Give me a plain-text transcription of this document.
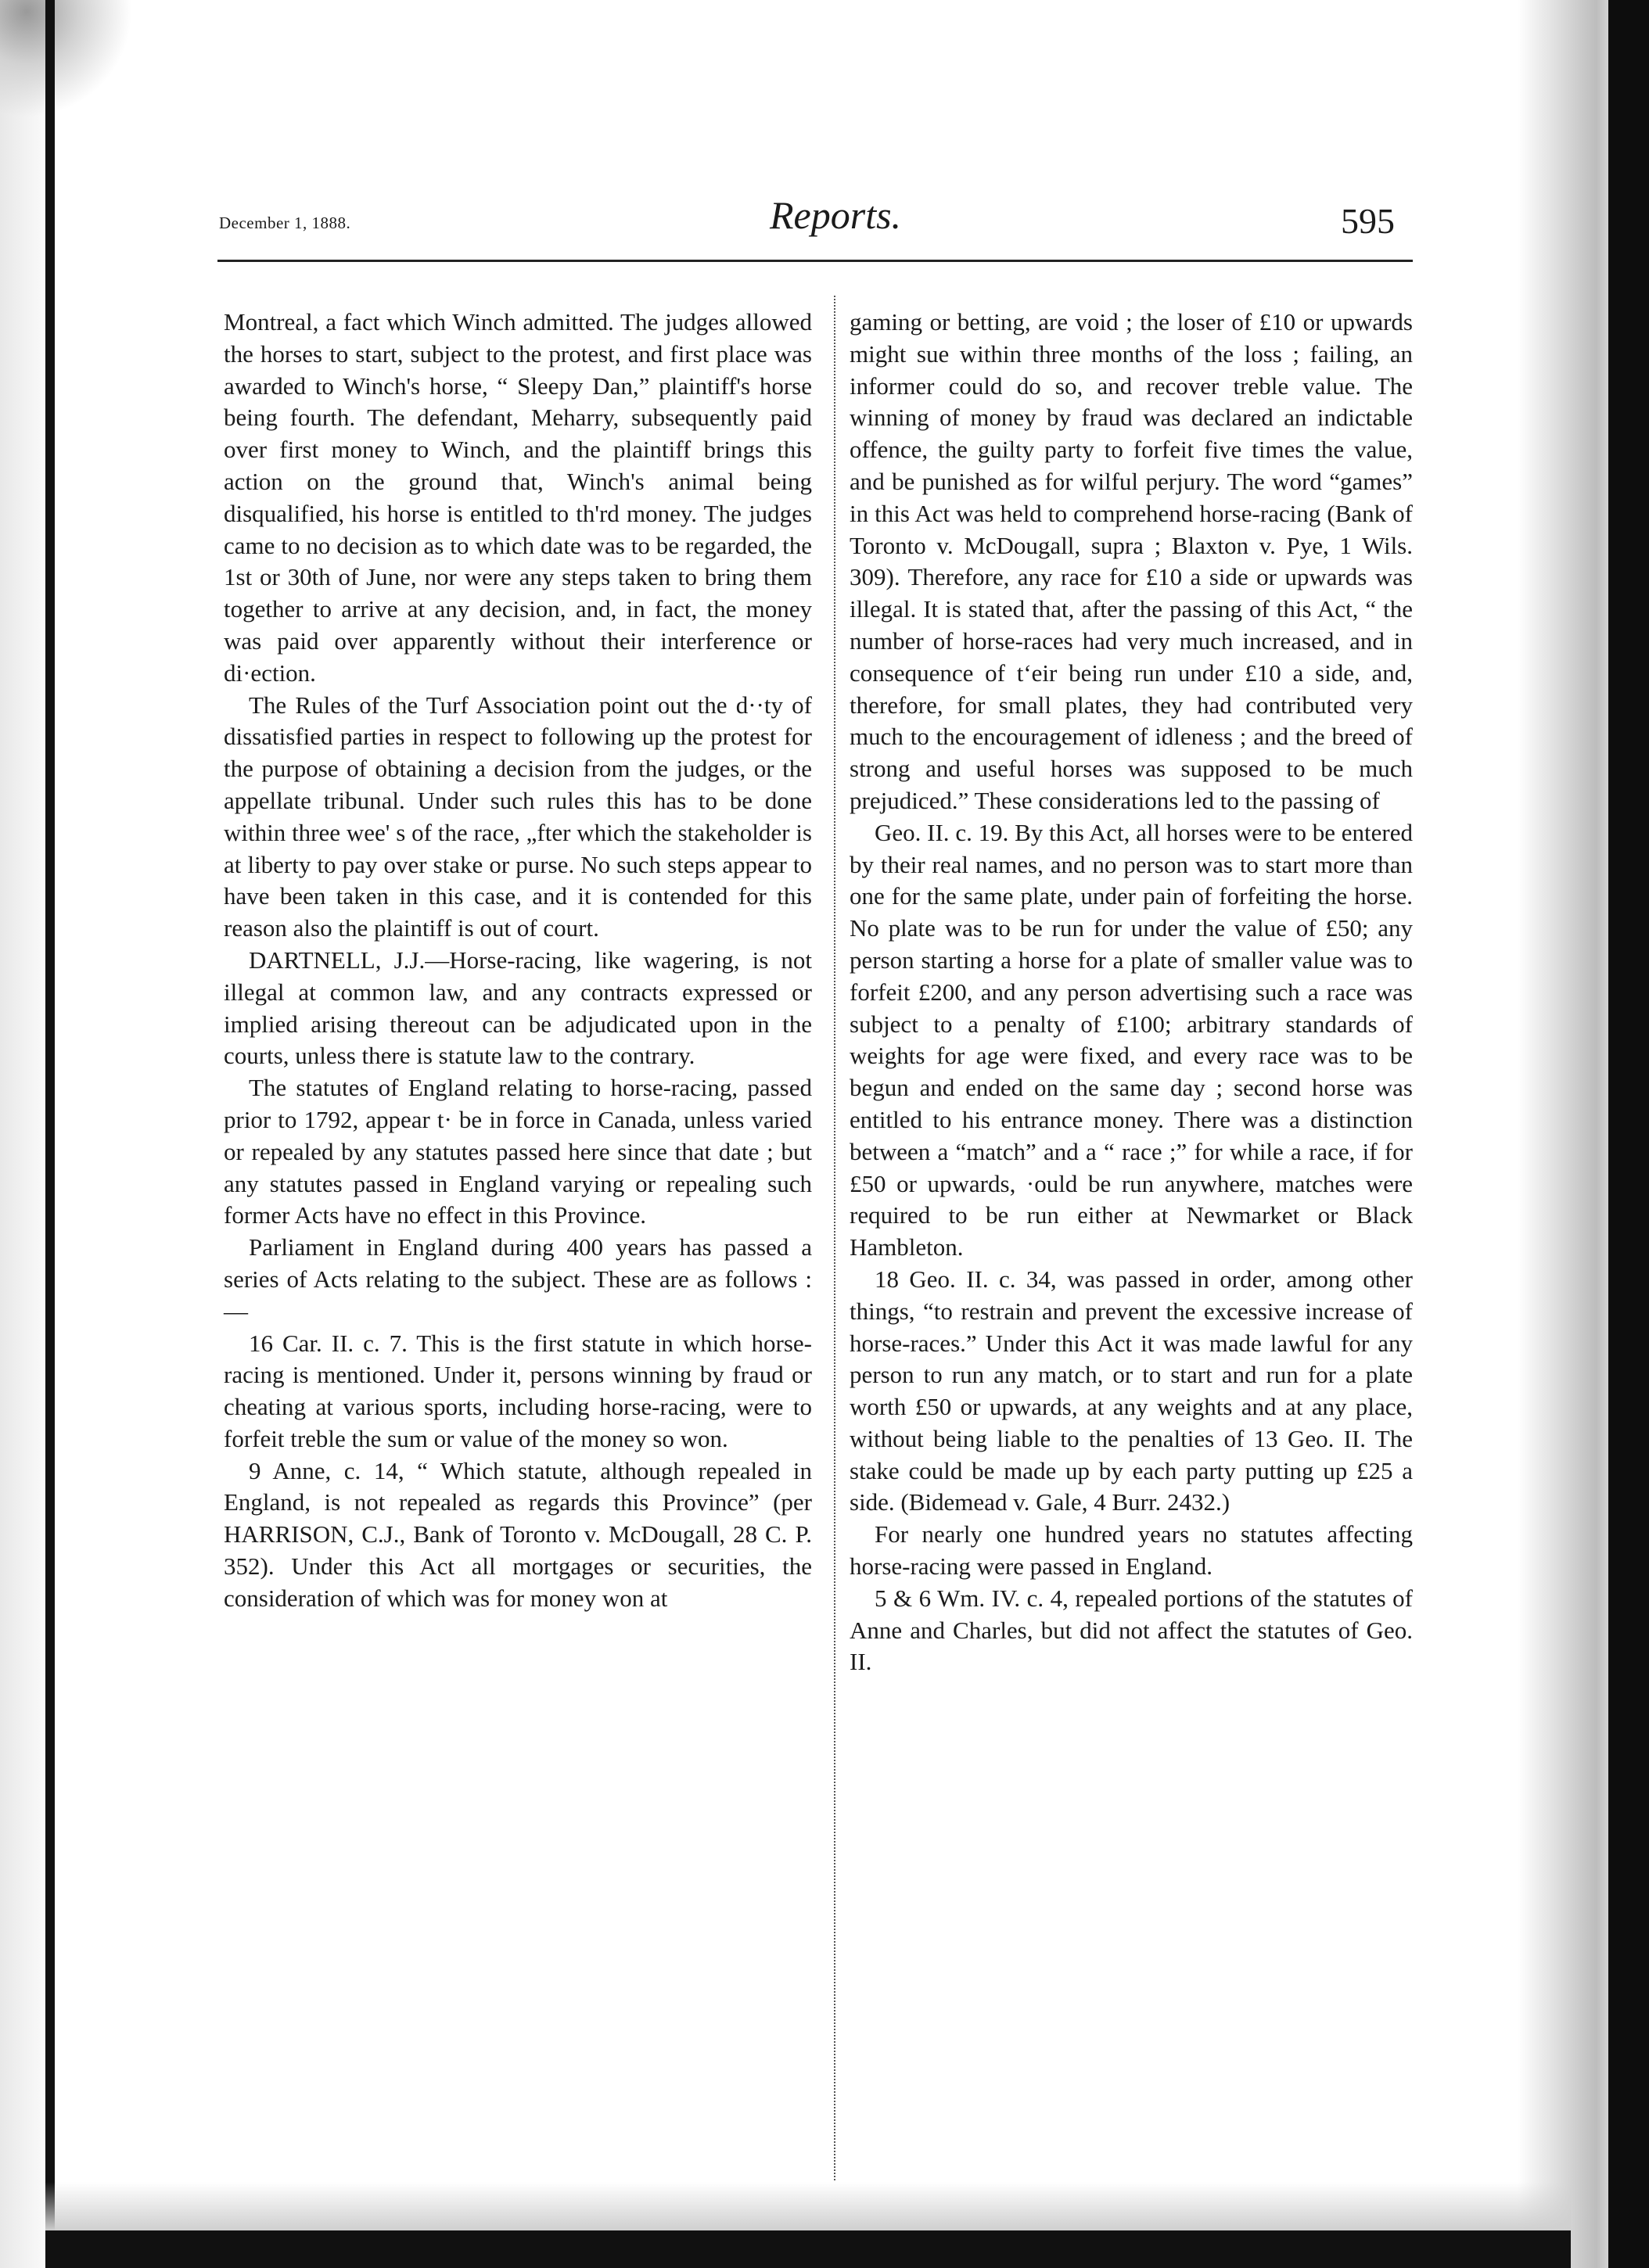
December 1, 1888.	Reports.	595

Montreal, a fact which Winch admitted. The judges allowed the horses to start, subject to the protest, and first place was awarded to Winch's horse, “ Sleepy Dan,” plaintiff's horse being fourth. The defendant, Meharry, subsequently paid over first money to Winch, and the plaintiff brings this action on the ground that, Winch's animal being disqualified, his horse is entitled to th'rd money. The judges came to no decision as to which date was to be regarded, the 1st or 30th of June, nor were any steps taken to bring them together to arrive at any decision, and, in fact, the money was paid over apparently without their interference or di·ection.

The Rules of the Turf Association point out the d··ty of dissatisfied parties in respect to following up the protest for the purpose of obtaining a decision from the judges, or the appellate tribunal. Under such rules this has to be done within three wee' s of the race, „fter which the stakeholder is at liberty to pay over stake or purse. No such steps appear to have been taken in this case, and it is contended for this reason also the plaintiff is out of court.

DARTNELL, J.J.—Horse-racing, like wagering, is not illegal at common law, and any contracts expressed or implied arising thereout can be adjudicated upon in the courts, unless there is statute law to the contrary.

The statutes of England relating to horse-racing, passed prior to 1792, appear t· be in force in Canada, unless varied or repealed by any statutes passed here since that date ; but any statutes passed in England varying or repealing such former Acts have no effect in this Province.

Parliament in England during 400 years has passed a series of Acts relating to the subject. These are as follows :—

16 Car. II. c. 7. This is the first statute in which horse-racing is mentioned. Under it, persons winning by fraud or cheating at various sports, including horse-racing, were to forfeit treble the sum or value of the money so won.

9 Anne, c. 14, “ Which statute, although repealed in England, is not repealed as regards this Province” (per HARRISON, C.J., Bank of Toronto v. McDougall, 28 C. P. 352). Under this Act all mortgages or securities, the consideration of which was for money won at

gaming or betting, are void ; the loser of £10 or upwards might sue within three months of the loss ; failing, an informer could do so, and recover treble value. The winning of money by fraud was declared an indictable offence, the guilty party to forfeit five times the value, and be punished as for wilful perjury. The word “games” in this Act was held to comprehend horse-racing (Bank of Toronto v. McDougall, supra ; Blaxton v. Pye, 1 Wils. 309). Therefore, any race for £10 a side or upwards was illegal. It is stated that, after the passing of this Act, “ the number of horse-races had very much increased, and in consequence of tʻeir being run under £10 a side, and, therefore, for small plates, they had contributed very much to the encouragement of idleness ; and the breed of strong and useful horses was supposed to be much prejudiced.” These considerations led to the passing of

Geo. II. c. 19. By this Act, all horses were to be entered by their real names, and no person was to start more than one for the same plate, under pain of forfeiting the horse. No plate was to be run for under the value of £50; any person starting a horse for a plate of smaller value was to forfeit £200, and any person advertising such a race was subject to a penalty of £100; arbitrary standards of weights for age were fixed, and every race was to be begun and ended on the same day ; second horse was entitled to his entrance money. There was a distinction between a “match” and a “ race ;” for while a race, if for £50 or upwards, ·ould be run anywhere, matches were required to be run either at Newmarket or Black Hambleton.

18 Geo. II. c. 34, was passed in order, among other things, “to restrain and prevent the excessive increase of horse-races.” Under this Act it was made lawful for any person to run any match, or to start and run for a plate worth £50 or upwards, at any weights and at any place, without being liable to the penalties of 13 Geo. II. The stake could be made up by each party putting up £25 a side. (Bidemead v. Gale, 4 Burr. 2432.)

For nearly one hundred years no statutes affecting horse-racing were passed in England.

5 & 6 Wm. IV. c. 4, repealed portions of the statutes of Anne and Charles, but did not affect the statutes of Geo. II.
